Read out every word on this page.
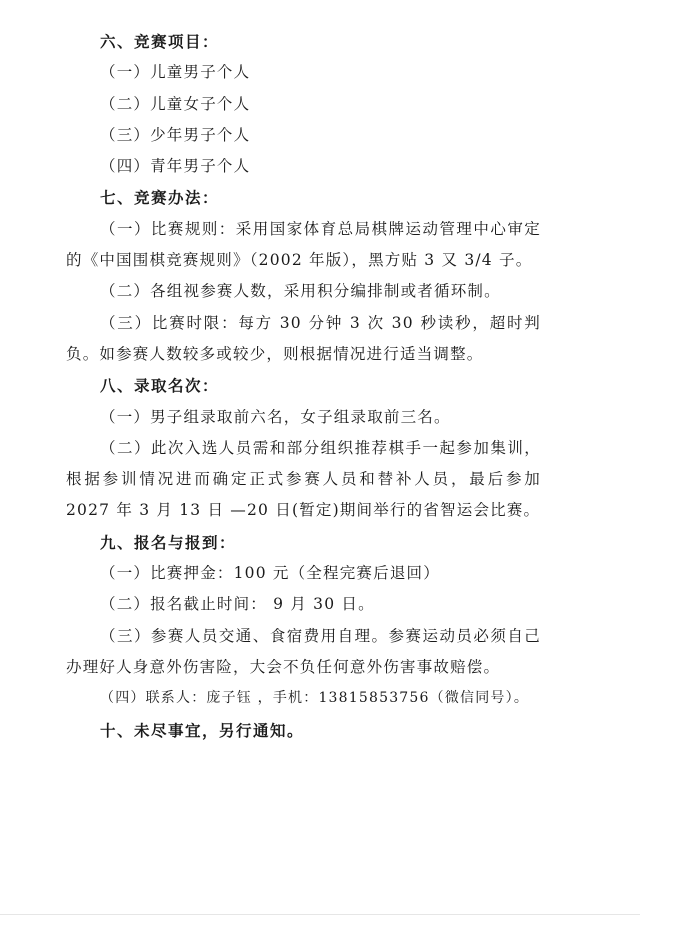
六、竞赛项目：
（一）儿童男子个人
（二）儿童女子个人
（三）少年男子个人
（四）青年男子个人
七、竞赛办法：
（一）比赛规则：采用国家体育总局棋牌运动管理中心审定
的《中国围棋竞赛规则》（2002 年版），黑方贴 3 又 3/4 子。
（二）各组视参赛人数，采用积分编排制或者循环制。
（三）比赛时限：每方 30 分钟 3 次 30 秒读秒，超时判
负。如参赛人数较多或较少，则根据情况进行适当调整。
八、录取名次：
（一）男子组录取前六名，女子组录取前三名。
（二）此次入选人员需和部分组织推荐棋手一起参加集训，
根据参训情况进而确定正式参赛人员和替补人员，最后参加
2027 年 3 月 13 日 —20 日(暂定)期间举行的省智运会比赛。
九、报名与报到：
（一）比赛押金：100 元（全程完赛后退回）
（二）报名截止时间： 9 月 30 日。
（三）参赛人员交通、食宿费用自理。参赛运动员必须自己
办理好人身意外伤害险，大会不负任何意外伤害事故赔偿。
（四）联系人：庞子钰 ，手机：13815853756（微信同号）。
十、未尽事宜，另行通知。
